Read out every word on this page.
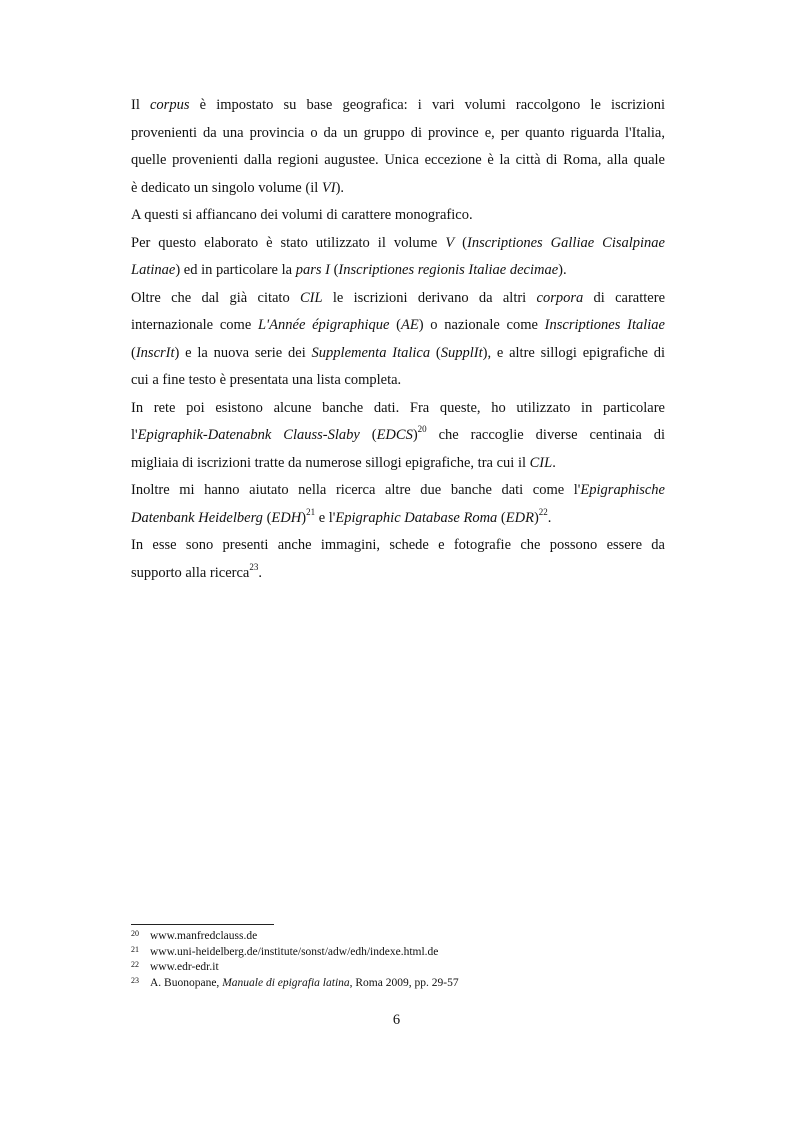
Il corpus è impostato su base geografica: i vari volumi raccolgono le iscrizioni
provenienti da una provincia o da un gruppo di province e, per quanto riguarda l'Italia,
quelle provenienti dalla regioni augustee. Unica eccezione è la città di Roma, alla quale
è dedicato un singolo volume (il VI).
A questi si affiancano dei volumi di carattere monografico.
Per questo elaborato è stato utilizzato il volume V (Inscriptiones Galliae Cisalpinae
Latinae) ed in particolare la pars I (Inscriptiones regionis Italiae decimae).
Oltre che dal già citato CIL le iscrizioni derivano da altri corpora di carattere
internazionale come L'Année épigraphique (AE) o nazionale come Inscriptiones Italiae
(InscrIt) e la nuova serie dei Supplementa Italica (SupplIt), e altre sillogi epigrafiche di
cui a fine testo è presentata una lista completa.
In rete poi esistono alcune banche dati. Fra queste, ho utilizzato in particolare
l'Epigraphik-Datenabnk Clauss-Slaby (EDCS)$^{20}$ che raccoglie diverse centinaia di
migliaia di iscrizioni tratte da numerose sillogi epigrafiche, tra cui il CIL.
Inoltre mi hanno aiutato nella ricerca altre due banche dati come l'Epigraphische
Datenbank Heidelberg (EDH)$^{21}$ e l'Epigraphic Database Roma (EDR)$^{22}$.
In esse sono presenti anche immagini, schede e fotografie che possono essere da
supporto alla ricerca$^{23}$.
20 www.manfredclauss.de
21 www.uni-heidelberg.de/institute/sonst/adw/edh/indexe.html.de
22 www.edr-edr.it
23 A. Buonopane, Manuale di epigrafia latina, Roma 2009, pp. 29-57
6
